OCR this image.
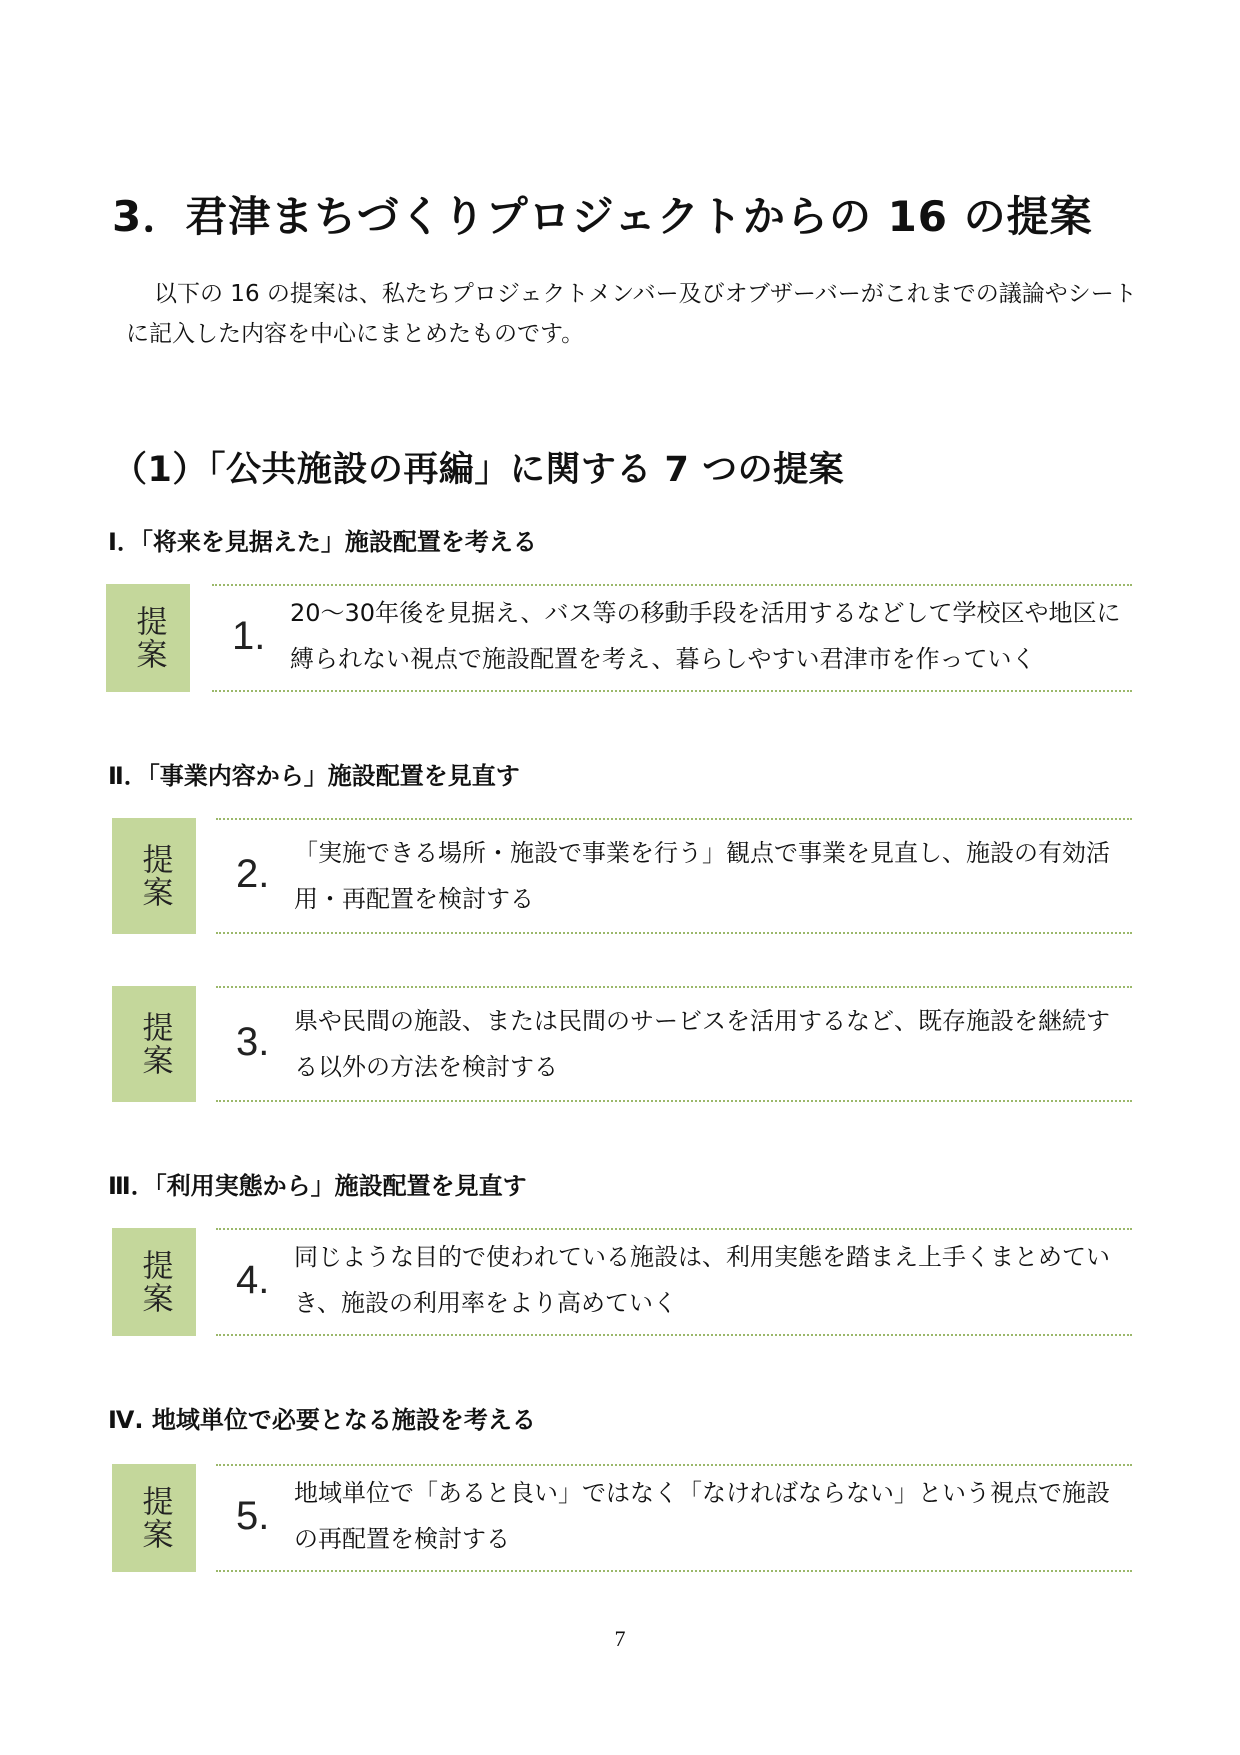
3．君津まちづくりプロジェクトからの 16 の提案
以下の 16 の提案は、私たちプロジェクトメンバー及びオブザーバーがこれまでの議論やシートに記入した内容を中心にまとめたものです。
（1）「公共施設の再編」に関する 7 つの提案
Ⅰ．「将来を見据えた」施設配置を考える
提案 1.
20～30年後を見据え、バス等の移動手段を活用するなどして学校区や地区に縛られない視点で施設配置を考え、暮らしやすい君津市を作っていく
Ⅱ．「事業内容から」施設配置を見直す
提案 2. 「実施できる場所・施設で事業を行う」観点で事業を見直し、施設の有効活用・再配置を検討する
提案 3. 県や民間の施設、または民間のサービスを活用するなど、既存施設を継続する以外の方法を検討する
Ⅲ．「利用実態から」施設配置を見直す
提案 4.
同じような目的で使われている施設は、利用実態を踏まえ上手くまとめていき、施設の利用率をより高めていく
Ⅳ. 地域単位で必要となる施設を考える
提案 5.
地域単位で「あると良い」ではなく「なければならない」という視点で施設の再配置を検討する
7
